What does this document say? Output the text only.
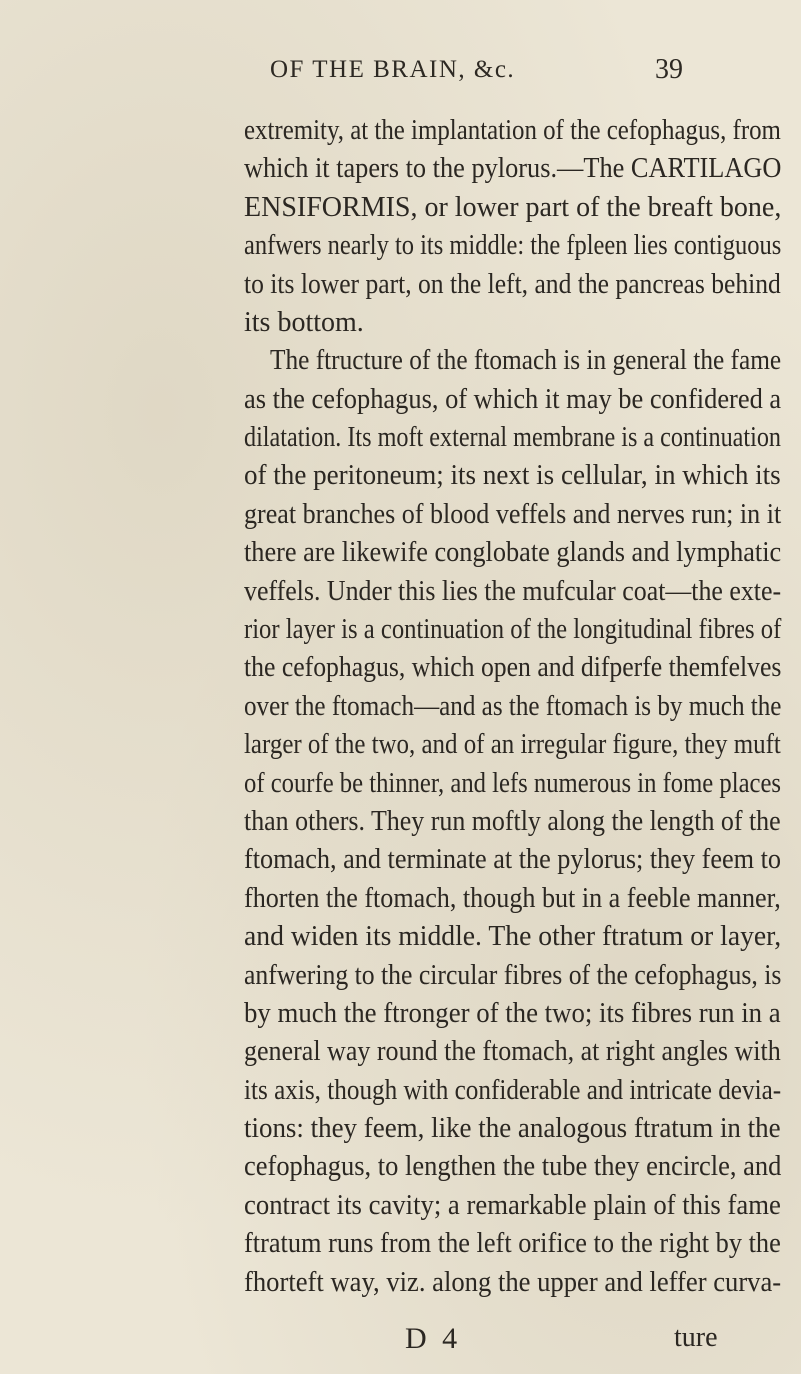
OF THE BRAIN, &c.	39
extremity, at the implantation of the cefophagus, from
which it tapers to the pylorus.—The CARTILAGO
ENSIFORMIS, or lower part of the breaft bone,
anfwers nearly to its middle: the fpleen lies contiguous
to its lower part, on the left, and the pancreas behind
its bottom.
The ftructure of the ftomach is in general the fame
as the cefophagus, of which it may be confidered a
dilatation. Its moft external membrane is a continuation
of the peritoneum; its next is cellular, in which its
great branches of blood veffels and nerves run; in it
there are likewife conglobate glands and lymphatic
veffels. Under this lies the mufcular coat—the exte-
rior layer is a continuation of the longitudinal fibres of
the cefophagus, which open and difperfe themfelves
over the ftomach—and as the ftomach is by much the
larger of the two, and of an irregular figure, they muft
of courfe be thinner, and lefs numerous in fome places
than others. They run moftly along the length of the
ftomach, and terminate at the pylorus; they feem to
fhorten the ftomach, though but in a feeble manner,
and widen its middle. The other ftratum or layer,
anfwering to the circular fibres of the cefophagus, is
by much the ftronger of the two; its fibres run in a
general way round the ftomach, at right angles with
its axis, though with confiderable and intricate devia-
tions: they feem, like the analogous ftratum in the
cefophagus, to lengthen the tube they encircle, and
contract its cavity; a remarkable plain of this fame
ftratum runs from the left orifice to the right by the
fhorteft way, viz. along the upper and leffer curva-
D 4	ture
